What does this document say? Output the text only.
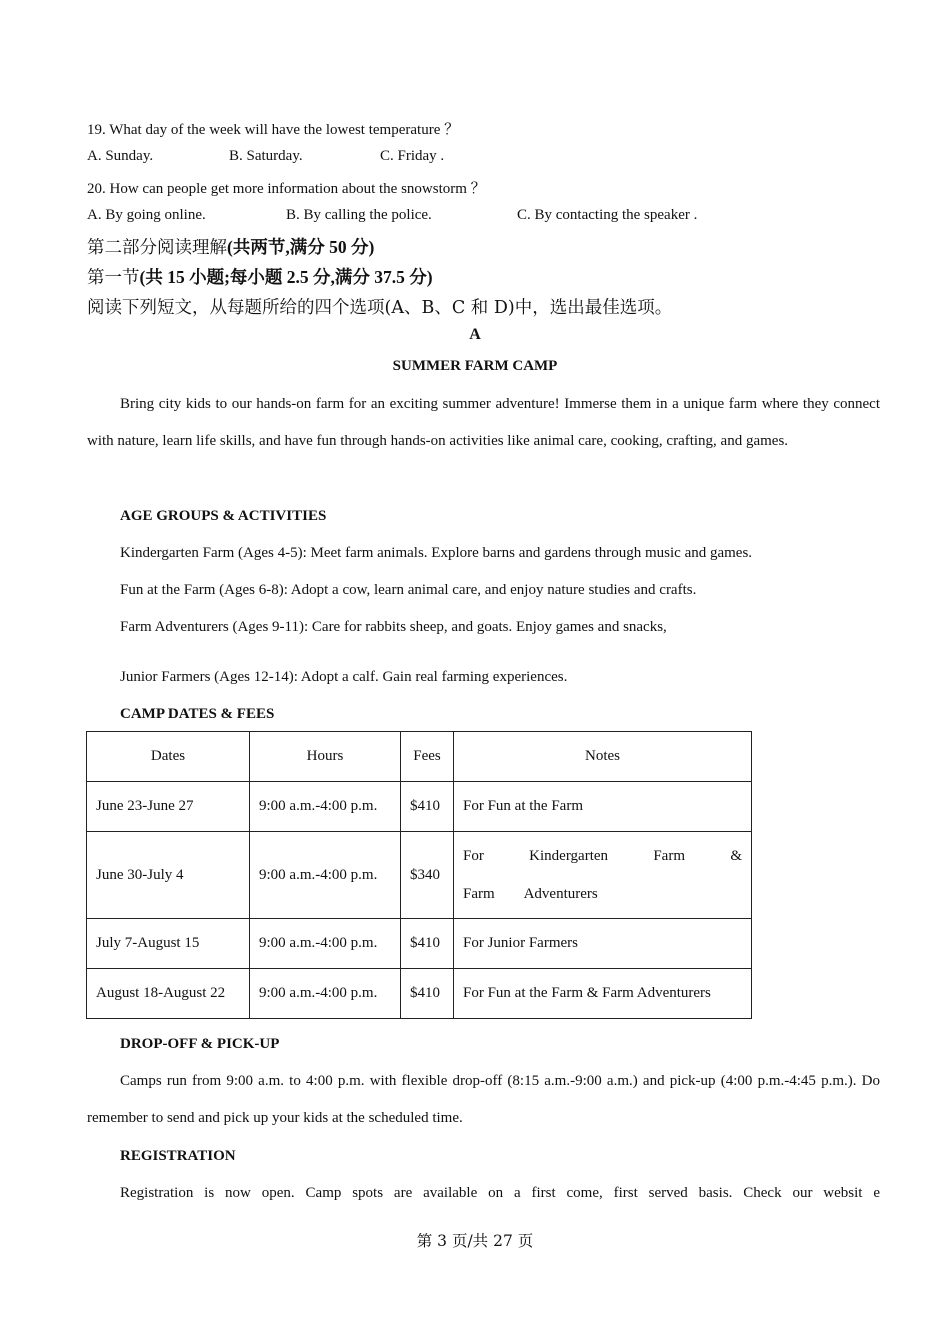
19. What day of the week will have the lowest temperature ？
A. Sunday.	B. Saturday.	C. Friday .
20. How can people get more information about the snowstorm ？
A. By going online.	B. By calling the police.	C. By contacting the speaker .
第二部分阅读理解(共两节,满分 50 分)
第一节(共 15 小题;每小题 2.5 分,满分 37.5 分)
阅读下列短文，从每题所给的四个选项(A、B、C 和 D)中，选出最佳选项。
A
SUMMER FARM CAMP

Bring city kids to our hands-on farm for an exciting summer adventure! Immerse them in a unique farm where they connect with nature, learn life skills, and have fun through hands-on activities like animal care, cooking, crafting, and games.

AGE GROUPS & ACTIVITIES
Kindergarten Farm (Ages 4-5): Meet farm animals. Explore barns and gardens through music and games.
Fun at the Farm (Ages 6-8): Adopt a cow, learn animal care, and enjoy nature studies and crafts.
Farm Adventurers (Ages 9-11): Care for rabbits sheep, and goats. Enjoy games and snacks,
Junior Farmers (Ages 12-14): Adopt a calf. Gain real farming experiences.
CAMP DATES & FEES
Dates	Hours	Fees	Notes
June 23-June 27	9:00 a.m.-4:00 p.m.	$410	For Fun at the Farm
June 30-July 4	9:00 a.m.-4:00 p.m.	$340	For Kindergarten Farm & Farm Adventurers

July 7-August 15	9:00 a.m.-4:00 p.m.	$410	For Junior Farmers
August 18-August 22	9:00 a.m.-4:00 p.m.	$410	For Fun at the Farm & Farm Adventurers
DROP-OFF & PICK-UP

Camps run from 9:00 a.m. to 4:00 p.m. with flexible drop-off (8:15 a.m.-9:00 a.m.) and pick-up (4:00 p.m.-4:45 p.m.). Do remember to send and pick up your kids at the scheduled time.

REGISTRATION

Registration is now open. Camp spots are available on a first come, first served basis. Check our websit e

第 3 页/共 27 页
